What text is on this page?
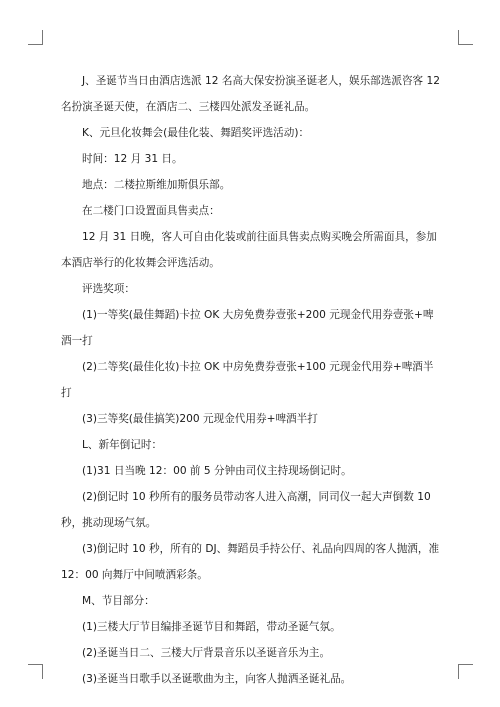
J、圣诞节当日由酒店选派 12 名高大保安扮演圣诞老人，娱乐部选派咨客 12 名扮演圣诞天使，在酒店二、三楼四处派发圣诞礼品。

K、元旦化妆舞会(最佳化装、舞蹈奖评选活动)：

时间：12 月 31 日。

地点：二楼拉斯维加斯俱乐部。

在二楼门口设置面具售卖点：

12 月 31 日晚，客人可自由化装或前往面具售卖点购买晚会所需面具，参加本酒店举行的化妆舞会评选活动。

评选奖项：

(1)一等奖(最佳舞蹈)卡拉 OK 大房免费券壹张+200 元现金代用券壹张+啤酒一打

(2)二等奖(最佳化妆)卡拉 OK 中房免费券壹张+100 元现金代用券+啤酒半打

(3)三等奖(最佳搞笑)200 元现金代用券+啤酒半打

L、新年倒记时：

(1)31 日当晚 12：00 前 5 分钟由司仪主持现场倒记时。

(2)倒记时 10 秒所有的服务员带动客人进入高潮，同司仪一起大声倒数 10 秒，挑动现场气氛。

(3)倒记时 10 秒，所有的 DJ、舞蹈员手持公仔、礼品向四周的客人抛洒，准 12：00 向舞厅中间喷洒彩条。

M、节目部分：

(1)三楼大厅节目编排圣诞节目和舞蹈，带动圣诞气氛。

(2)圣诞当日二、三楼大厅背景音乐以圣诞音乐为主。

(3)圣诞当日歌手以圣诞歌曲为主，向客人抛洒圣诞礼品。
